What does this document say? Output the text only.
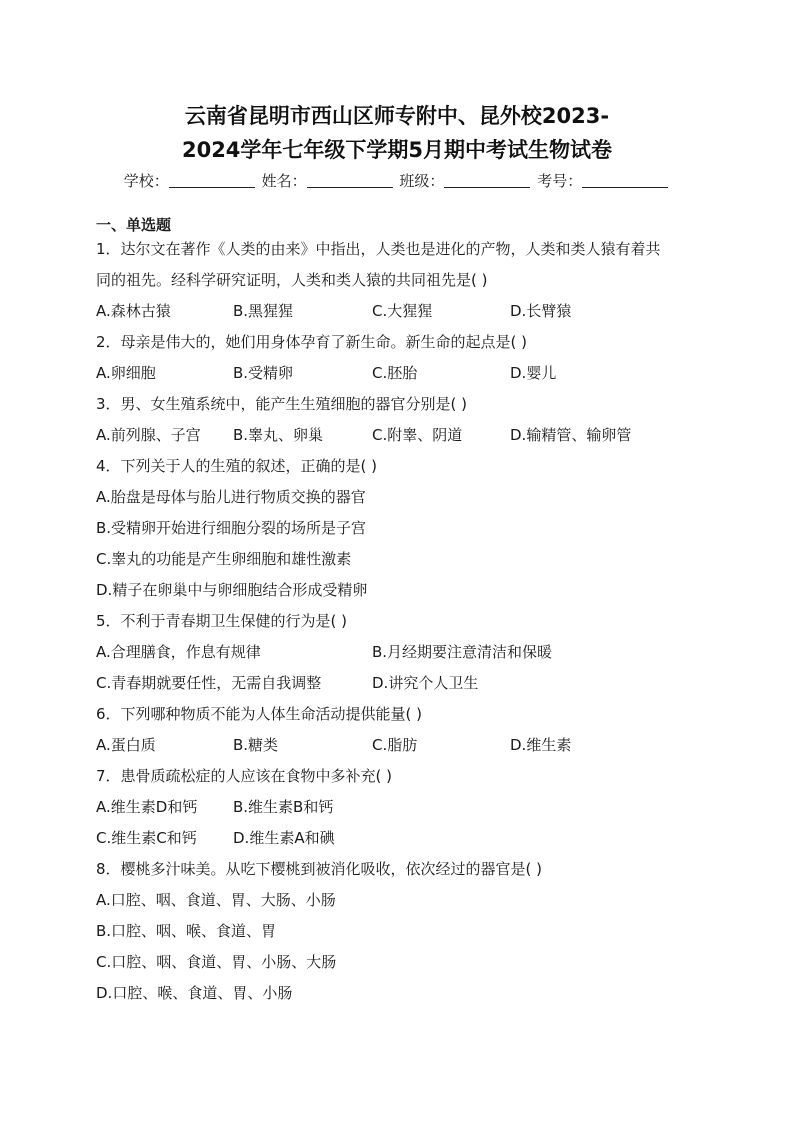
云南省昆明市西山区师专附中、昆外校2023-
2024学年七年级下学期5月期中考试生物试卷
学校：	姓名：	班级：	考号：
一、单选题
1．达尔文在著作《人类的由来》中指出，人类也是进化的产物，人类和类人猿有着共
同的祖先。经科学研究证明，人类和类人猿的共同祖先是( )
A.森林古猿	B.黑猩猩	C.大猩猩	D.长臂猿
2．母亲是伟大的，她们用身体孕育了新生命。新生命的起点是( )
A.卵细胞	B.受精卵	C.胚胎	D.婴儿
3．男、女生殖系统中，能产生生殖细胞的器官分别是( )
A.前列腺、子宫 B.睾丸、卵巢	C.附睾、阴道	D.输精管、输卵管
4．下列关于人的生殖的叙述，正确的是( )
A.胎盘是母体与胎儿进行物质交换的器官
B.受精卵开始进行细胞分裂的场所是子宫
C.睾丸的功能是产生卵细胞和雄性激素
D.精子在卵巢中与卵细胞结合形成受精卵
5．不利于青春期卫生保健的行为是( )
A.合理膳食，作息有规律	B.月经期要注意清洁和保暖
C.青春期就要任性，无需自我调整	D.讲究个人卫生
6．下列哪种物质不能为人体生命活动提供能量( )
A.蛋白质	B.糖类	C.脂肪	D.维生素
7．患骨质疏松症的人应该在食物中多补充( )
A.维生素D和钙 B.维生素B和钙
C.维生素C和钙 D.维生素A和碘
8．樱桃多汁味美。从吃下樱桃到被消化吸收，依次经过的器官是( )
A.口腔、咽、食道、胃、大肠、小肠
B.口腔、咽、喉、食道、胃
C.口腔、咽、食道、胃、小肠、大肠
D.口腔、喉、食道、胃、小肠
